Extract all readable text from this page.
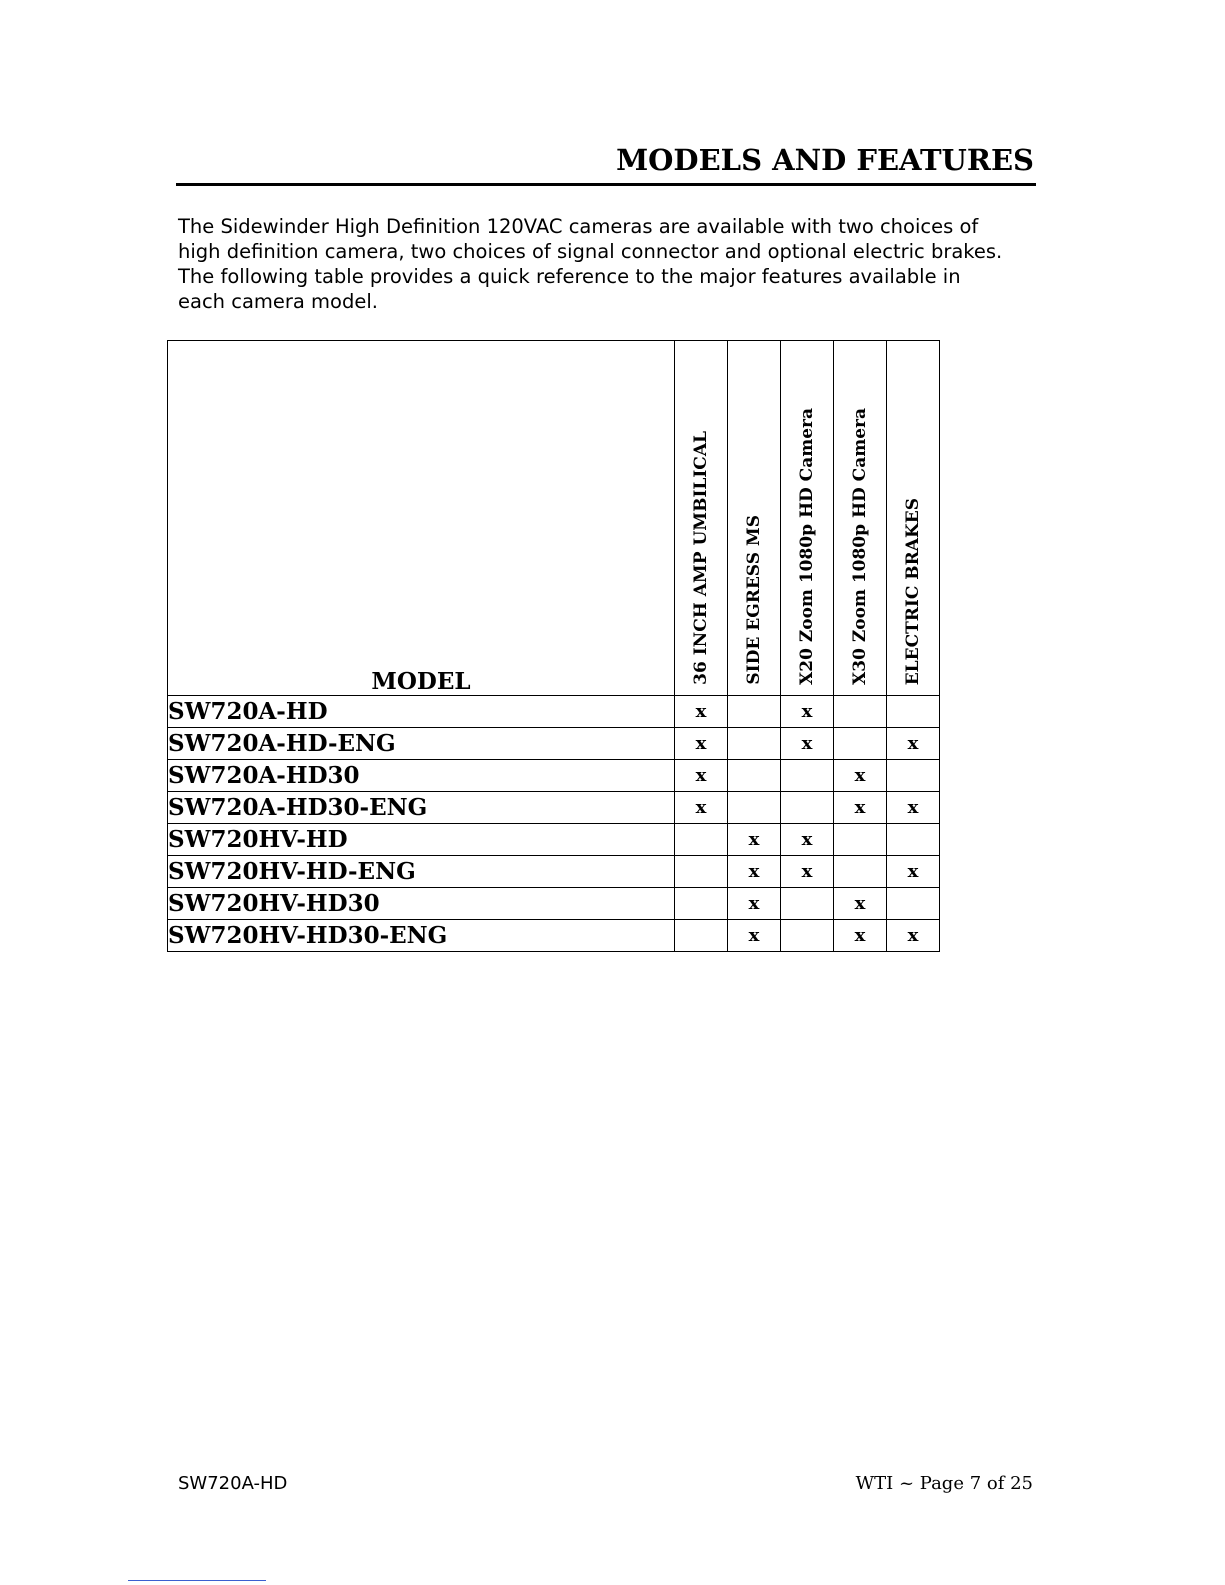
MODELS AND FEATURES
The Sidewinder High Definition 120VAC cameras are available with two choices of
high definition camera, two choices of signal connector and optional electric brakes.
The following table provides a quick reference to the major features available in
each camera model.
MODEL	36 INCH AMP UMBILICAL	SIDE EGRESS MS	X20 Zoom 1080p HD Camera	X30 Zoom 1080p HD Camera	ELECTRIC BRAKES

SW720A-HD	x		x		
SW720A-HD-ENG	x		x		x
SW720A-HD30	x			x	
SW720A-HD30-ENG	x			x	x
SW720HV-HD		x	x		
SW720HV-HD-ENG		x	x		x
SW720HV-HD30		x		x	
SW720HV-HD30-ENG		x		x	x
SW720A-HD	WTI ~ Page 7 of 25
